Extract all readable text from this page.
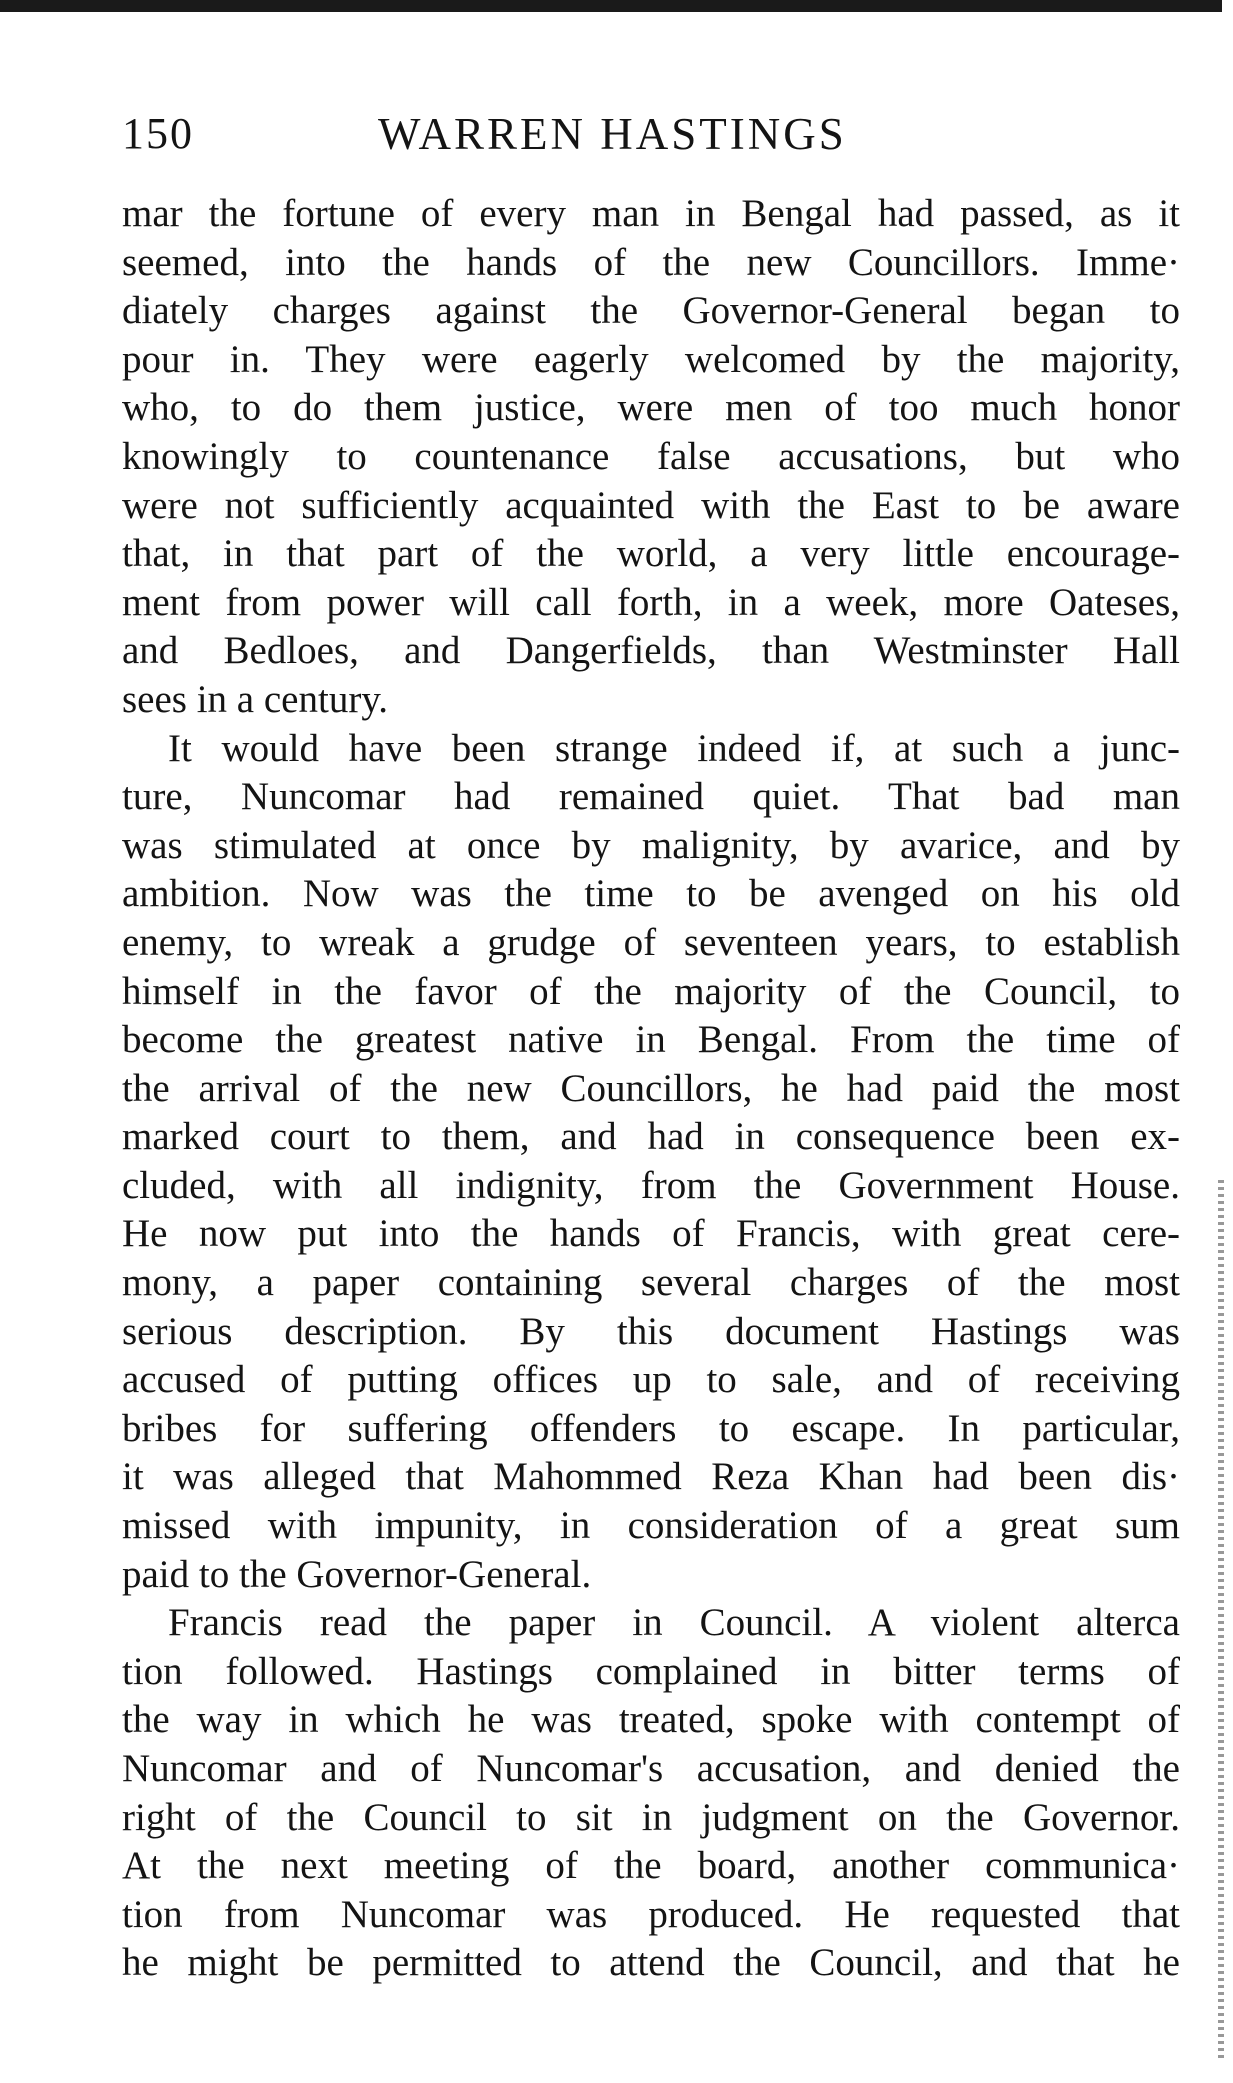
150	WARREN HASTINGS
mar the fortune of every man in Bengal had passed, as it
seemed, into the hands of the new Councillors. Imme·
diately charges against the Governor-General began to
pour in. They were eagerly welcomed by the majority,
who, to do them justice, were men of too much honor
knowingly to countenance false accusations, but who
were not sufficiently acquainted with the East to be aware
that, in that part of the world, a very little encourage-
ment from power will call forth, in a week, more Oateses,
and Bedloes, and Dangerfields, than Westminster Hall
sees in a century.
It would have been strange indeed if, at such a junc-
ture, Nuncomar had remained quiet. That bad man
was stimulated at once by malignity, by avarice, and by
ambition. Now was the time to be avenged on his old
enemy, to wreak a grudge of seventeen years, to establish
himself in the favor of the majority of the Council, to
become the greatest native in Bengal. From the time of
the arrival of the new Councillors, he had paid the most
marked court to them, and had in consequence been ex-
cluded, with all indignity, from the Government House.
He now put into the hands of Francis, with great cere-
mony, a paper containing several charges of the most
serious description. By this document Hastings was
accused of putting offices up to sale, and of receiving
bribes for suffering offenders to escape. In particular,
it was alleged that Mahommed Reza Khan had been dis·
missed with impunity, in consideration of a great sum
paid to the Governor-General.
Francis read the paper in Council. A violent alterca
tion followed. Hastings complained in bitter terms of
the way in which he was treated, spoke with contempt of
Nuncomar and of Nuncomar's accusation, and denied the
right of the Council to sit in judgment on the Governor.
At the next meeting of the board, another communica·
tion from Nuncomar was produced. He requested that
he might be permitted to attend the Council, and that he
